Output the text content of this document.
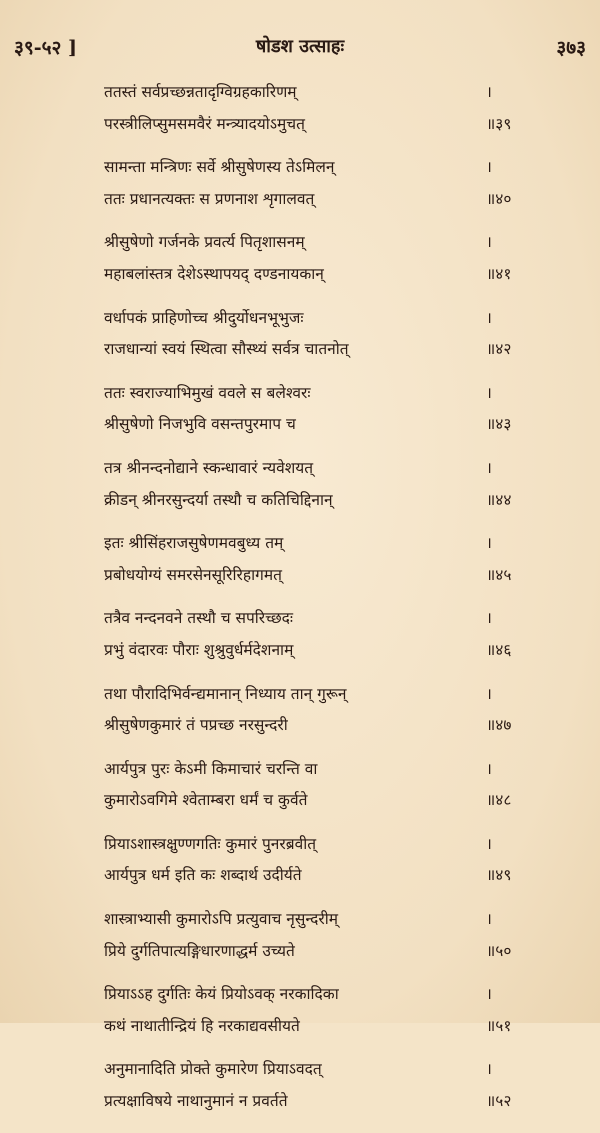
३९-५२ ]	षोडश उत्साहः	३७३
ततस्तं सर्वप्रच्छन्नतादृग्विग्रहकारिणम्	।
परस्त्रीलिप्सुमसमवैरं मन्त्र्यादयोऽमुचत्	॥३९
सामन्ता मन्त्रिणः सर्वे श्रीसुषेणस्य तेऽमिलन्	।
ततः प्रधानत्यक्तः स प्रणनाश शृगालवत्	॥४०
श्रीसुषेणो गर्जनके प्रवर्त्य पितृशासनम्	।
महाबलांस्तत्र देशेऽस्थापयद् दण्डनायकान्	॥४१
वर्धापकं प्राहिणोच्च श्रीदुर्योधनभूभुजः	।
राजधान्यां स्वयं स्थित्वा सौस्थ्यं सर्वत्र चातनोत्	॥४२
ततः स्वराज्याभिमुखं ववले स बलेश्वरः	।
श्रीसुषेणो निजभुवि वसन्तपुरमाप च	॥४३
तत्र श्रीनन्दनोद्याने स्कन्धावारं न्यवेशयत्	।
क्रीडन् श्रीनरसुन्दर्या तस्थौ च कतिचिद्दिनान्	॥४४
इतः श्रीसिंहराजसुषेणमवबुध्य तम्	।
प्रबोधयोग्यं समरसेनसूरिरिहागमत्	॥४५
तत्रैव नन्दनवने तस्थौ च सपरिच्छदः	।
प्रभुं वंदारवः पौराः शुश्रुवुर्धर्मदेशनाम्	॥४६
तथा पौरादिभिर्वन्द्यमानान् निध्याय तान् गुरून्	।
श्रीसुषेणकुमारं तं पप्रच्छ नरसुन्दरी	॥४७
आर्यपुत्र पुरः केऽमी किमाचारं चरन्ति वा	।
कुमारोऽवगिमे श्वेताम्बरा धर्मं च कुर्वते	॥४८
प्रियाऽशास्त्रक्षुण्णगतिः कुमारं पुनरब्रवीत्	।
आर्यपुत्र धर्म इति कः शब्दार्थ उदीर्यते	॥४९
शास्त्राभ्यासी कुमारोऽपि प्रत्युवाच नृसुन्दरीम्	।
प्रिये दुर्गतिपात्यङ्गिधारणाद्धर्म उच्यते	॥५०
प्रियाऽऽह दुर्गतिः केयं प्रियोऽवक् नरकादिका	।
कथं नाथातीन्द्रियं हि नरकाद्यवसीयते	॥५१
अनुमानादिति प्रोक्ते कुमारेण प्रियाऽवदत्	।
प्रत्यक्षाविषये नाथानुमानं न प्रवर्तते	॥५२
